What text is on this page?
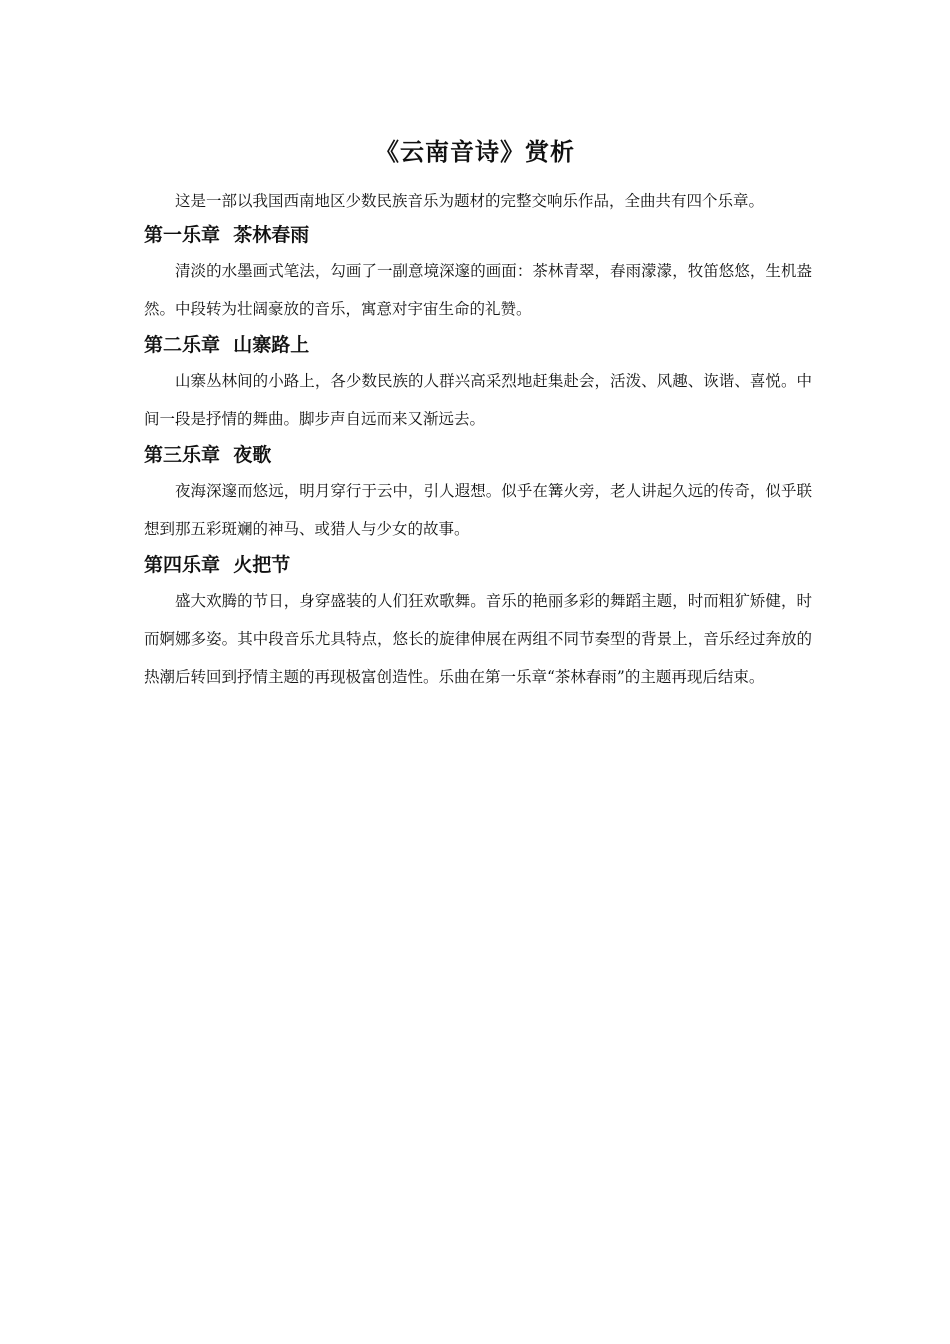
《云南音诗》赏析

这是一部以我国西南地区少数民族音乐为题材的完整交响乐作品，全曲共有四个乐章。

第一乐章  茶林春雨

清淡的水墨画式笔法，勾画了一副意境深邃的画面：茶林青翠，春雨濛濛，牧笛悠悠，生机盎然。中段转为壮阔豪放的音乐，寓意对宇宙生命的礼赞。

第二乐章  山寨路上

山寨丛林间的小路上，各少数民族的人群兴高采烈地赶集赴会，活泼、风趣、诙谐、喜悦。中间一段是抒情的舞曲。脚步声自远而来又渐远去。

第三乐章  夜歌

夜海深邃而悠远，明月穿行于云中，引人遐想。似乎在篝火旁，老人讲起久远的传奇，似乎联想到那五彩斑斓的神马、或猎人与少女的故事。

第四乐章  火把节

盛大欢腾的节日，身穿盛装的人们狂欢歌舞。音乐的艳丽多彩的舞蹈主题，时而粗犷矫健，时而婀娜多姿。其中段音乐尤具特点，悠长的旋律伸展在两组不同节奏型的背景上，音乐经过奔放的热潮后转回到抒情主题的再现极富创造性。乐曲在第一乐章“茶林春雨”的主题再现后结束。
